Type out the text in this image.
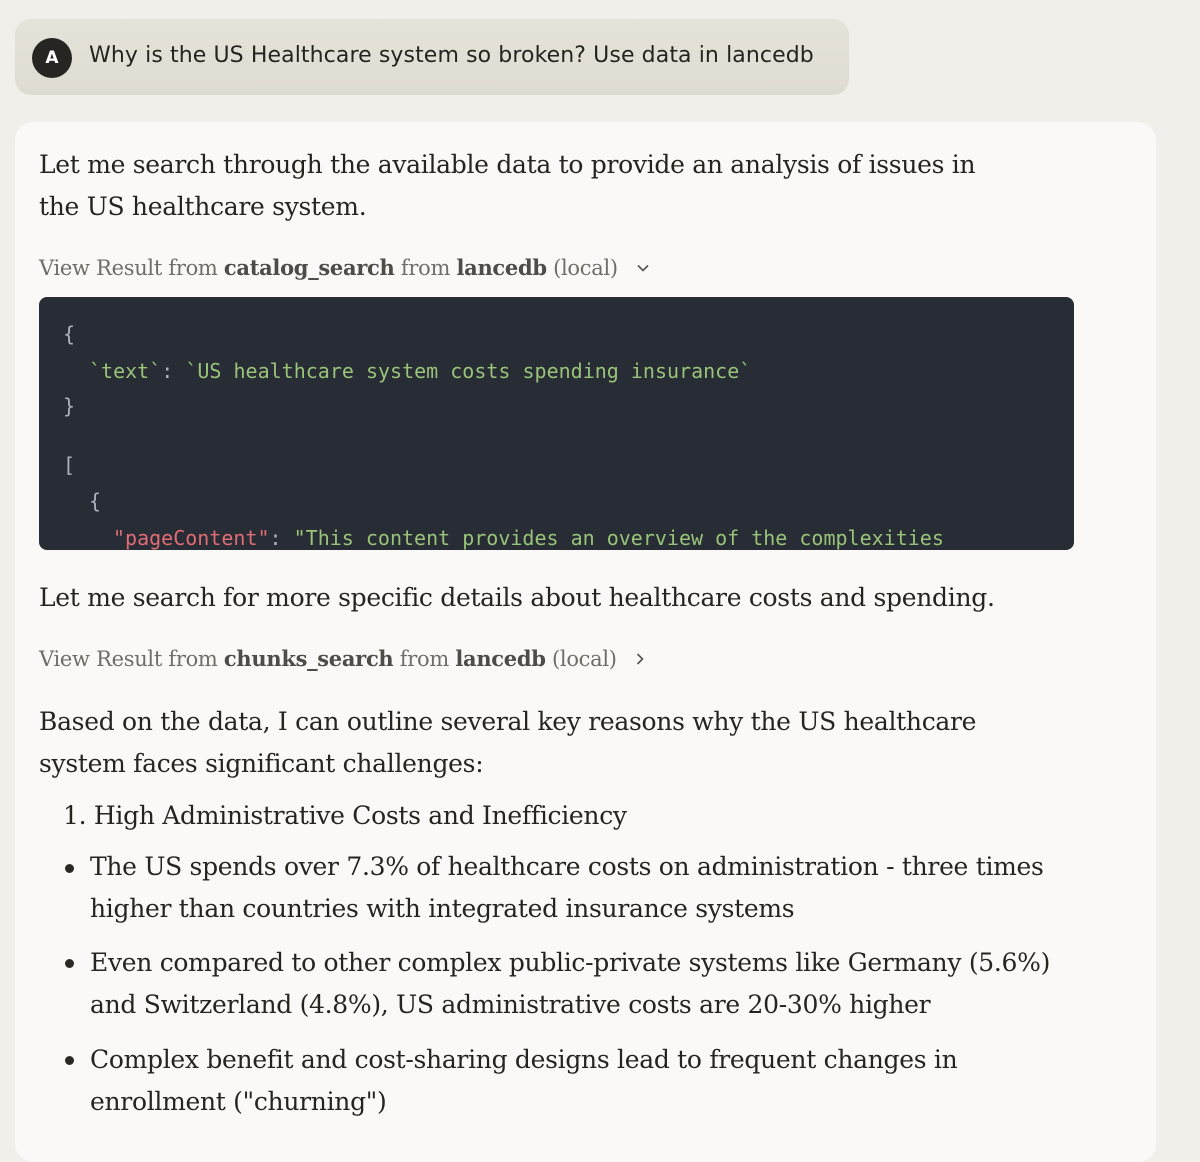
A	Why is the US Healthcare system so broken? Use data in lancedb
Let me search through the available data to provide an analysis of issues in the US healthcare system.
View Result from
catalog_search
from
lancedb
(local)
{
`text`: `US healthcare system costs spending insurance`
}
[
{
"pageContent": "This content provides an overview of the complexities
Let me search for more specific details about healthcare costs and spending.
View Result from
chunks_search
from
lancedb
(local)
Based on the data, I can outline several key reasons why the US healthcare system faces significant challenges:
1. High Administrative Costs and Inefficiency
The US spends over 7.3% of healthcare costs on administration - three times higher than countries with integrated insurance systems
Even compared to other complex public-private systems like Germany (5.6%) and Switzerland (4.8%), US administrative costs are 20-30% higher
Complex benefit and cost-sharing designs lead to frequent changes in enrollment ("churning")
